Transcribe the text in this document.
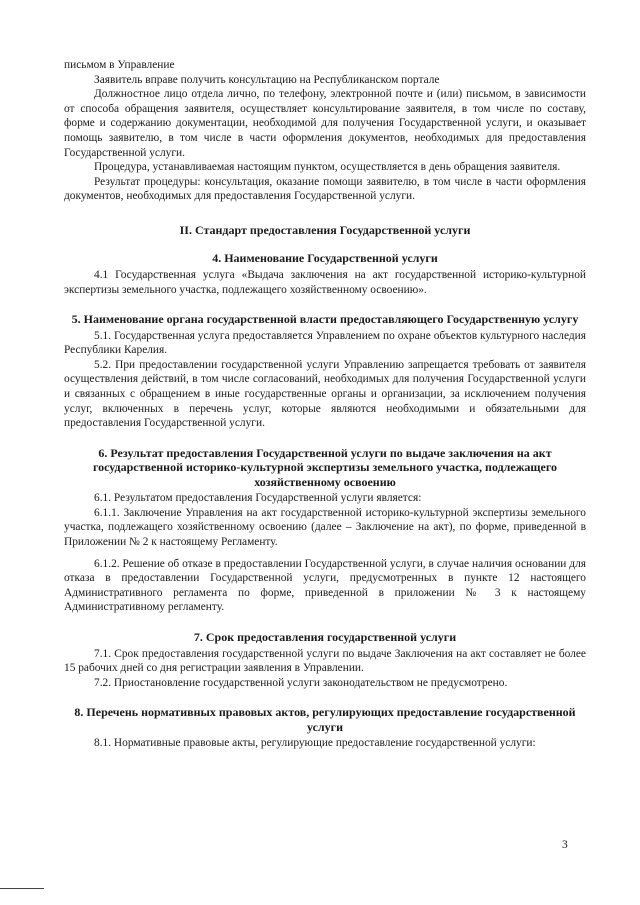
письмом в Управление

Заявитель вправе получить консультацию на Республиканском портале

Должностное лицо отдела лично, по телефону, электронной почте и (или) письмом, в зависимости от способа обращения заявителя, осуществляет консультирование заявителя, в том числе по составу, форме и содержанию документации, необходимой для получения Государственной услуги, и оказывает помощь заявителю, в том числе в части оформления документов, необходимых для предоставления Государственной услуги.

Процедура, устанавливаемая настоящим пунктом, осуществляется в день обращения заявителя.

Результат процедуры: консультация, оказание помощи заявителю, в том числе в части оформления документов, необходимых для предоставления Государственной услуги.

II. Стандарт предоставления Государственной услуги
4. Наименование Государственной услуги

4.1 Государственная услуга «Выдача заключения на акт государственной историко-культурной экспертизы земельного участка, подлежащего хозяйственному освоению».

5. Наименование органа государственной власти предоставляющего Государственную услугу

5.1. Государственная услуга предоставляется Управлением по охране объектов культурного наследия Республики Карелия.

5.2. При предоставлении государственной услуги Управлению запрещается требовать от заявителя осуществления действий, в том числе согласований, необходимых для получения Государственной услуги и связанных с обращением в иные государственные органы и организации, за исключением получения услуг, включенных в перечень услуг, которые являются необходимыми и обязательными для предоставления Государственной услуги.

6. Результат предоставления Государственной услуги по выдаче заключения на акт государственной историко-культурной экспертизы земельного участка, подлежащего хозяйственному освоению

6.1. Результатом предоставления Государственной услуги является:

6.1.1. Заключение Управления на акт государственной историко-культурной экспертизы земельного участка, подлежащего хозяйственному освоению (далее – Заключение на акт), по форме, приведенной в Приложении № 2 к настоящему Регламенту.

6.1.2. Решение об отказе в предоставлении Государственной услуги, в случае наличия основании для отказа в предоставлении Государственной услуги, предусмотренных в пункте 12 настоящего Административного регламента по форме, приведенной в приложении № 3 к настоящему Административному регламенту.

7. Срок предоставления государственной услуги

7.1. Срок предоставления государственной услуги по выдаче Заключения на акт составляет не более 15 рабочих дней со дня регистрации заявления в Управлении.

7.2. Приостановление государственной услуги законодательством не предусмотрено.

8. Перечень нормативных правовых актов, регулирующих предоставление государственной услуги

8.1. Нормативные правовые акты, регулирующие предоставление государственной услуги:

3
